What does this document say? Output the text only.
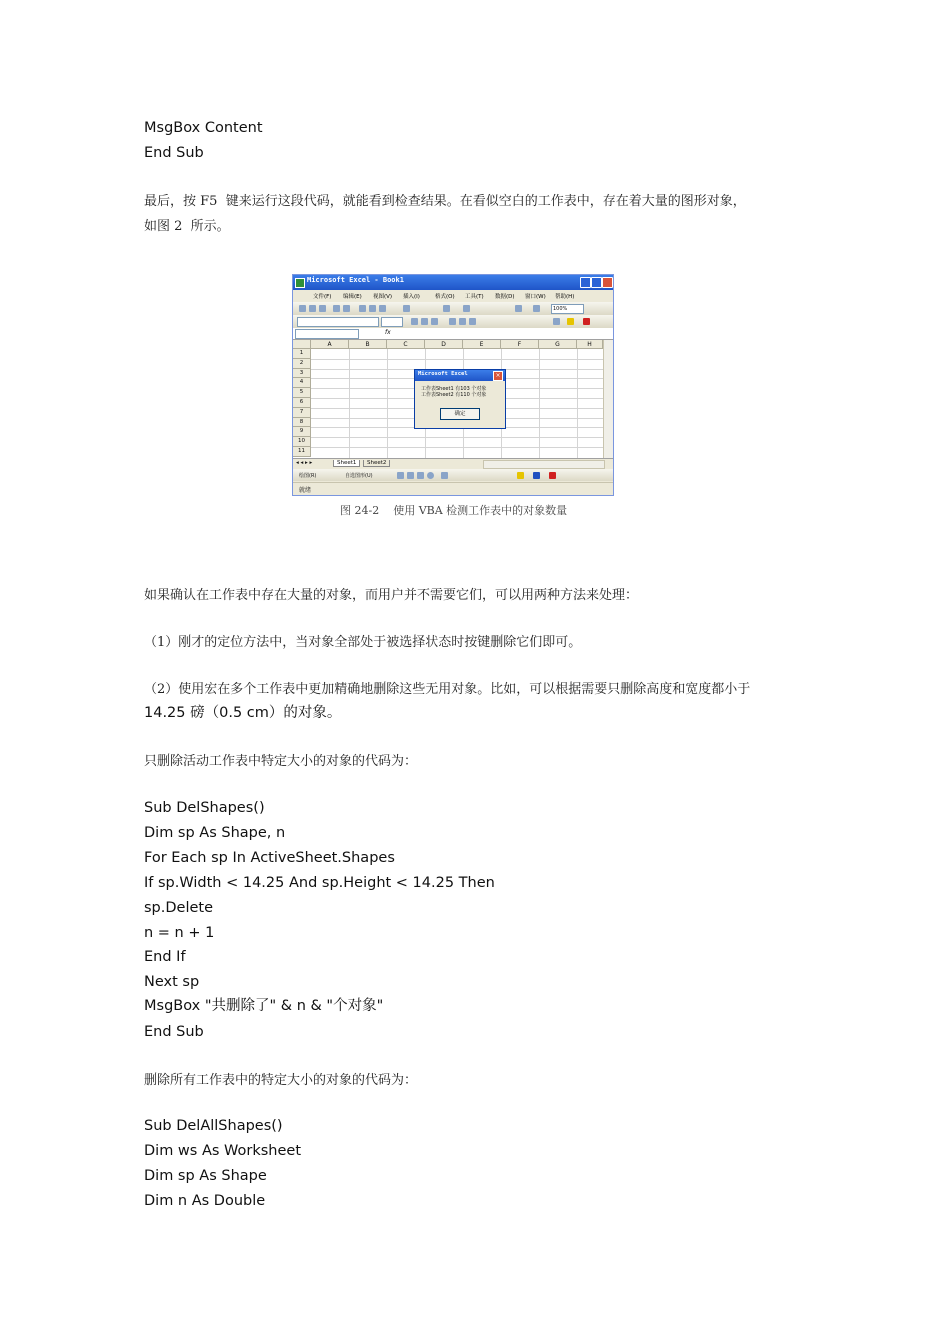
MsgBox Content
End Sub
最后，按 F5  键来运行这段代码，就能看到检查结果。在看似空白的工作表中，存在着大量的图形对象，
如图 2  所示。
Microsoft Excel - Book1
文件(F) 编辑(E) 视图(V) 插入(I)	格式(O) 工具(T) 数据(D) 窗口(W) 帮助(H)
100%
fx
A	B	C	D	E	F	G	H
1
2
3
4
5
6
7
8
9
10
11
Microsoft Excel	×
工作表Sheet1 有103 个对象
工作表Sheet2 有110 个对象
确定
◂ ◂ ▸ ▸	Sheet1	Sheet2
绘图(R)	自选图形(U)
就绪
图 24-2    使用 VBA 检测工作表中的对象数量
如果确认在工作表中存在大量的对象，而用户并不需要它们，可以用两种方法来处理：
（1）刚才的定位方法中，当对象全部处于被选择状态时按键删除它们即可。
（2）使用宏在多个工作表中更加精确地删除这些无用对象。比如，可以根据需要只删除高度和宽度都小于
14.25 磅（0.5 cm）的对象。
只删除活动工作表中特定大小的对象的代码为：
Sub DelShapes()
Dim sp As Shape, n
For Each sp In ActiveSheet.Shapes
If sp.Width < 14.25 And sp.Height < 14.25 Then
sp.Delete
n = n + 1
End If
Next sp
MsgBox "共删除了" & n & "个对象"
End Sub
删除所有工作表中的特定大小的对象的代码为：
Sub DelAllShapes()
Dim ws As Worksheet
Dim sp As Shape
Dim n As Double
